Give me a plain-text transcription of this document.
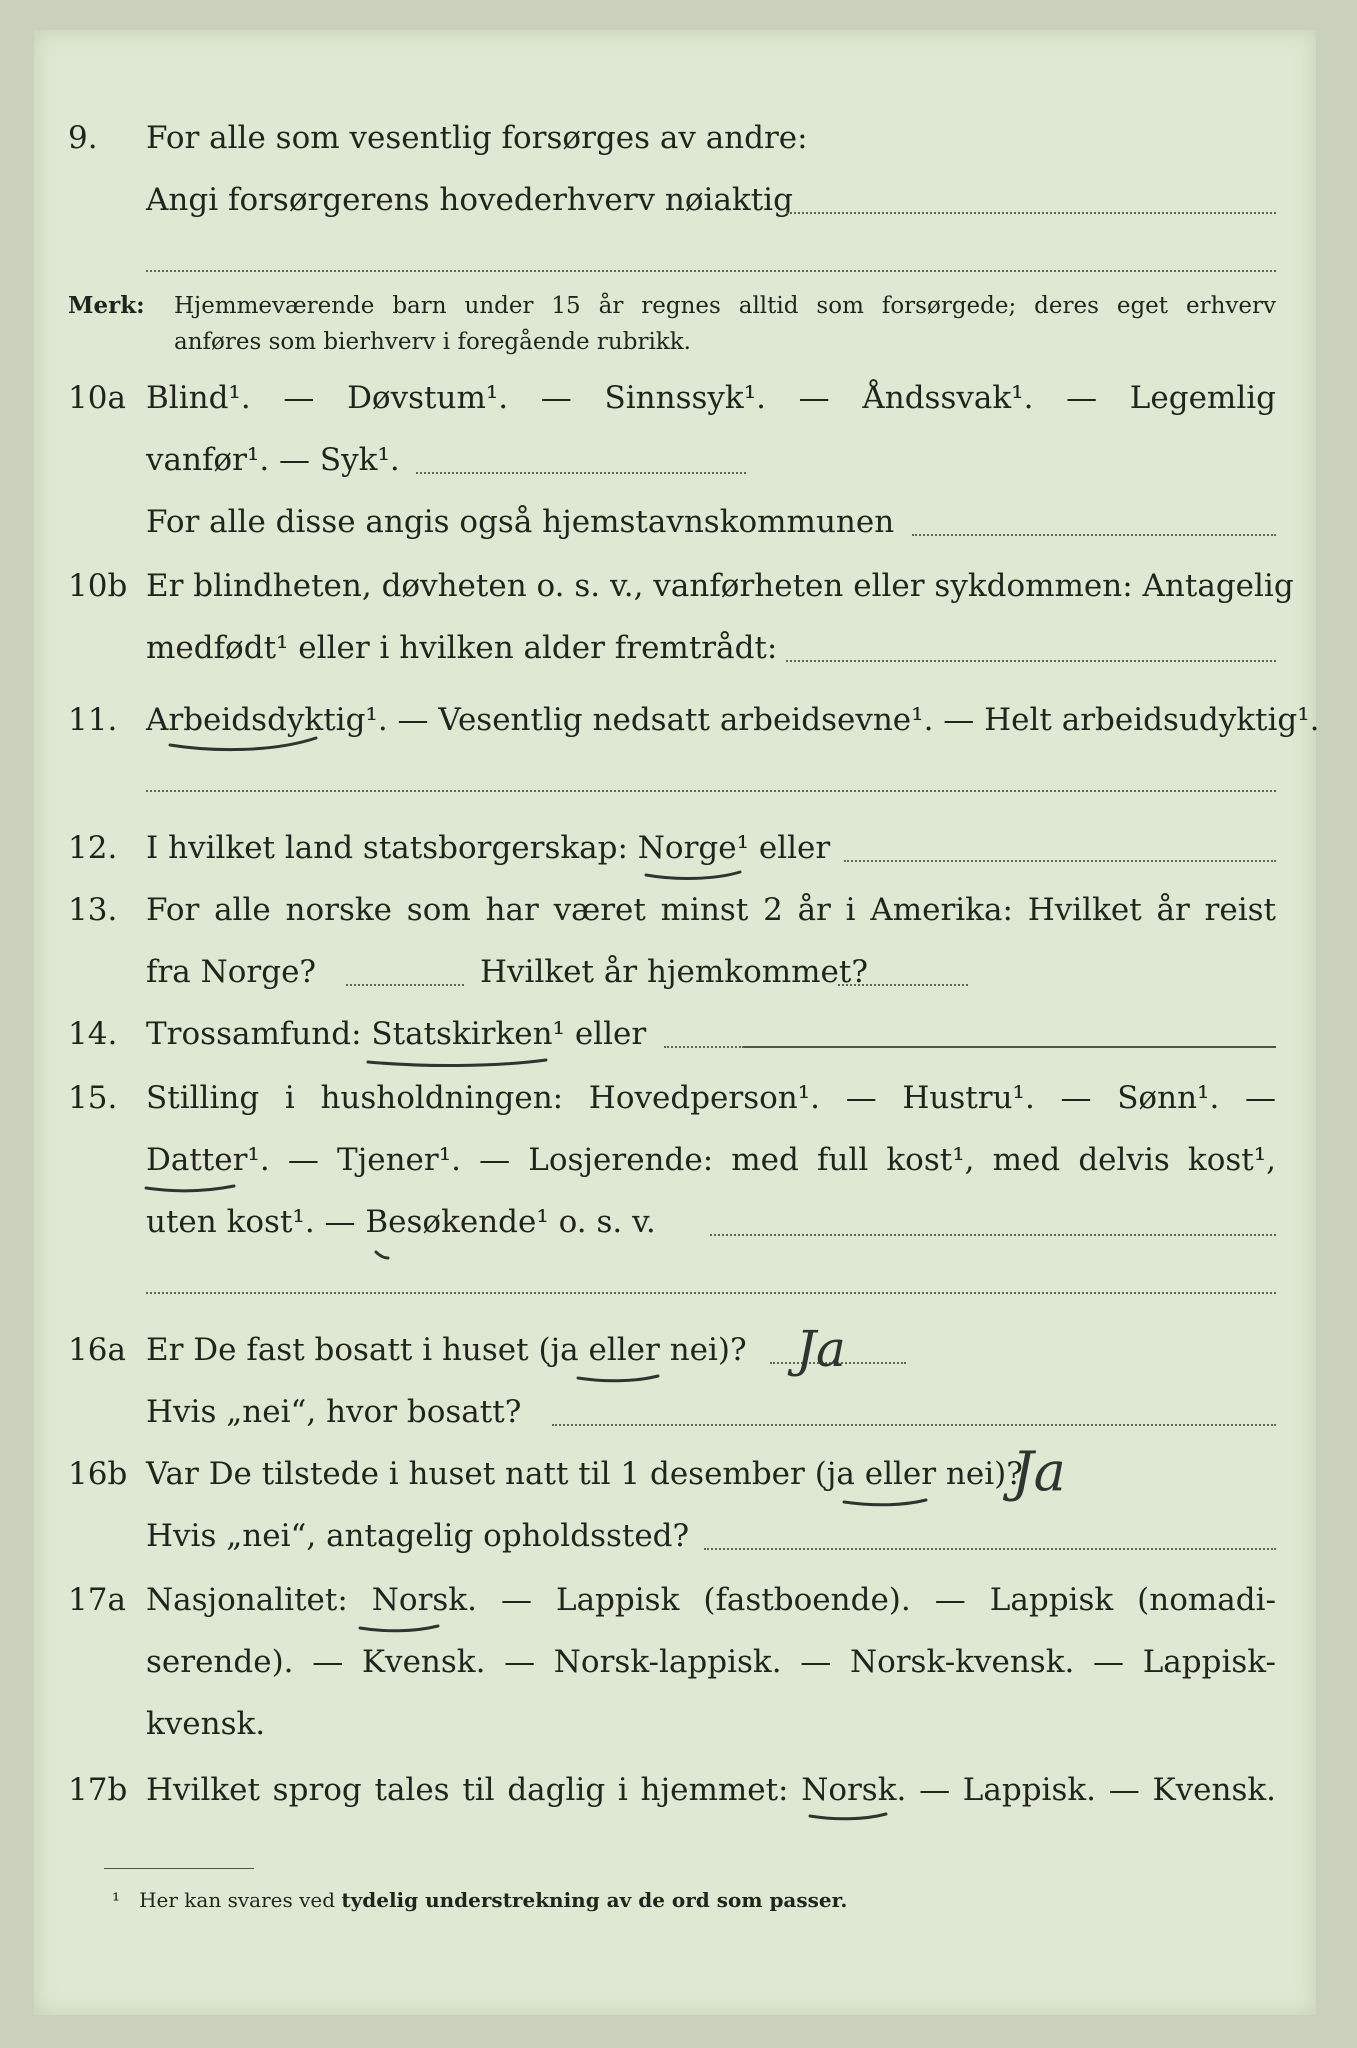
9. For alle som vesentlig forsørges av andre:
Angi forsørgerens hovederhverv nøiaktig
Merk: Hjemmeværende barn under 15 år regnes alltid som forsørgede; deres eget erhverv
anføres som bierhverv i foregående rubrikk.
10a Blind¹. — Døvstum¹. — Sinnssyk¹. — Åndssvak¹. — Legemlig
vanfør¹. — Syk¹.
For alle disse angis også hjemstavnskommunen
10b Er blindheten, døvheten o. s. v., vanførheten eller sykdommen: Antagelig
medfødt¹ eller i hvilken alder fremtrådt:
11. Arbeidsdyktig¹. — Vesentlig nedsatt arbeidsevne¹. — Helt arbeidsudyktig¹.
12. I hvilket land statsborgerskap: Norge¹ eller
13. For alle norske som har været minst 2 år i Amerika: Hvilket år reist
fra Norge?	Hvilket år hjemkommet?
14. Trossamfund: Statskirken¹ eller
15. Stilling i husholdningen: Hovedperson¹. — Hustru¹. — Sønn¹. —
Datter¹. — Tjener¹. — Losjerende: med full kost¹, med delvis kost¹,
uten kost¹. — Besøkende¹ o. s. v.
16a Er De fast bosatt i huset (ja eller nei)?
Hvis „nei“, hvor bosatt?
16b Var De tilstede i huset natt til 1 desember (ja eller nei)?
Hvis „nei“, antagelig opholdssted?
17a Nasjonalitet: Norsk. — Lappisk (fastboende). — Lappisk (nomadi-
serende). — Kvensk. — Norsk-lappisk. — Norsk-kvensk. — Lappisk-
kvensk.
17b Hvilket sprog tales til daglig i hjemmet: Norsk. — Lappisk. — Kvensk.
¹ Her kan svares ved tydelig understrekning av de ord som passer.
Ja
Ja
